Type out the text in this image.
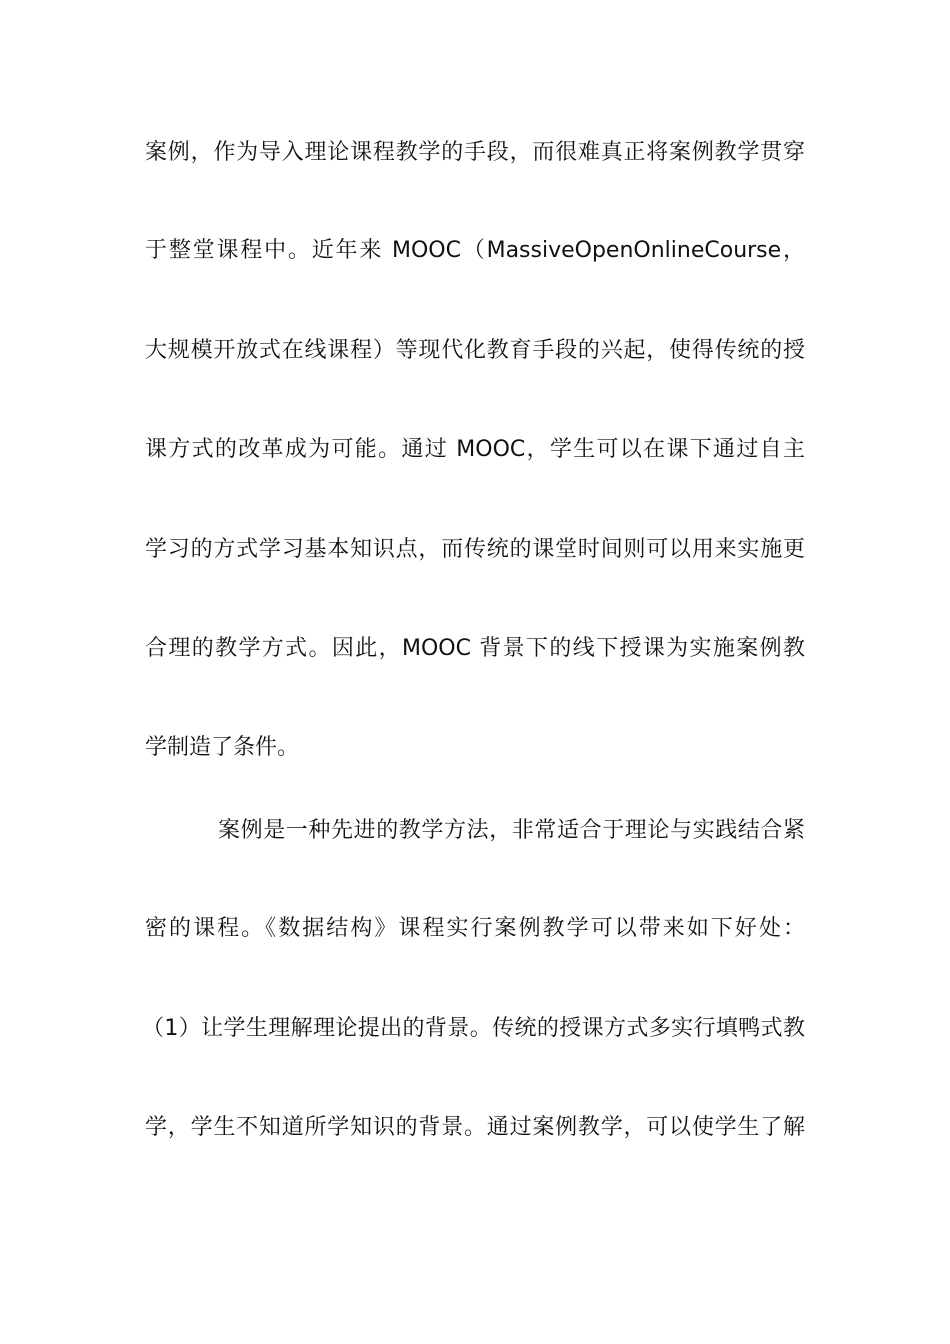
案例，作为导入理论课程教学的手段，而很难真正将案例教学贯穿
于整堂课程中。近年来 MOOC（MassiveOpenOnlineCourse，
大规模开放式在线课程）等现代化教育手段的兴起，使得传统的授
课方式的改革成为可能。通过 MOOC，学生可以在课下通过自主
学习的方式学习基本知识点，而传统的课堂时间则可以用来实施更
合理的教学方式。因此，MOOC 背景下的线下授课为实施案例教
学制造了条件。
案例是一种先进的教学方法，非常适合于理论与实践结合紧
密的课程。《数据结构》课程实行案例教学可以带来如下好处：
（1）让学生理解理论提出的背景。传统的授课方式多实行填鸭式教
学，学生不知道所学知识的背景。通过案例教学，可以使学生了解
